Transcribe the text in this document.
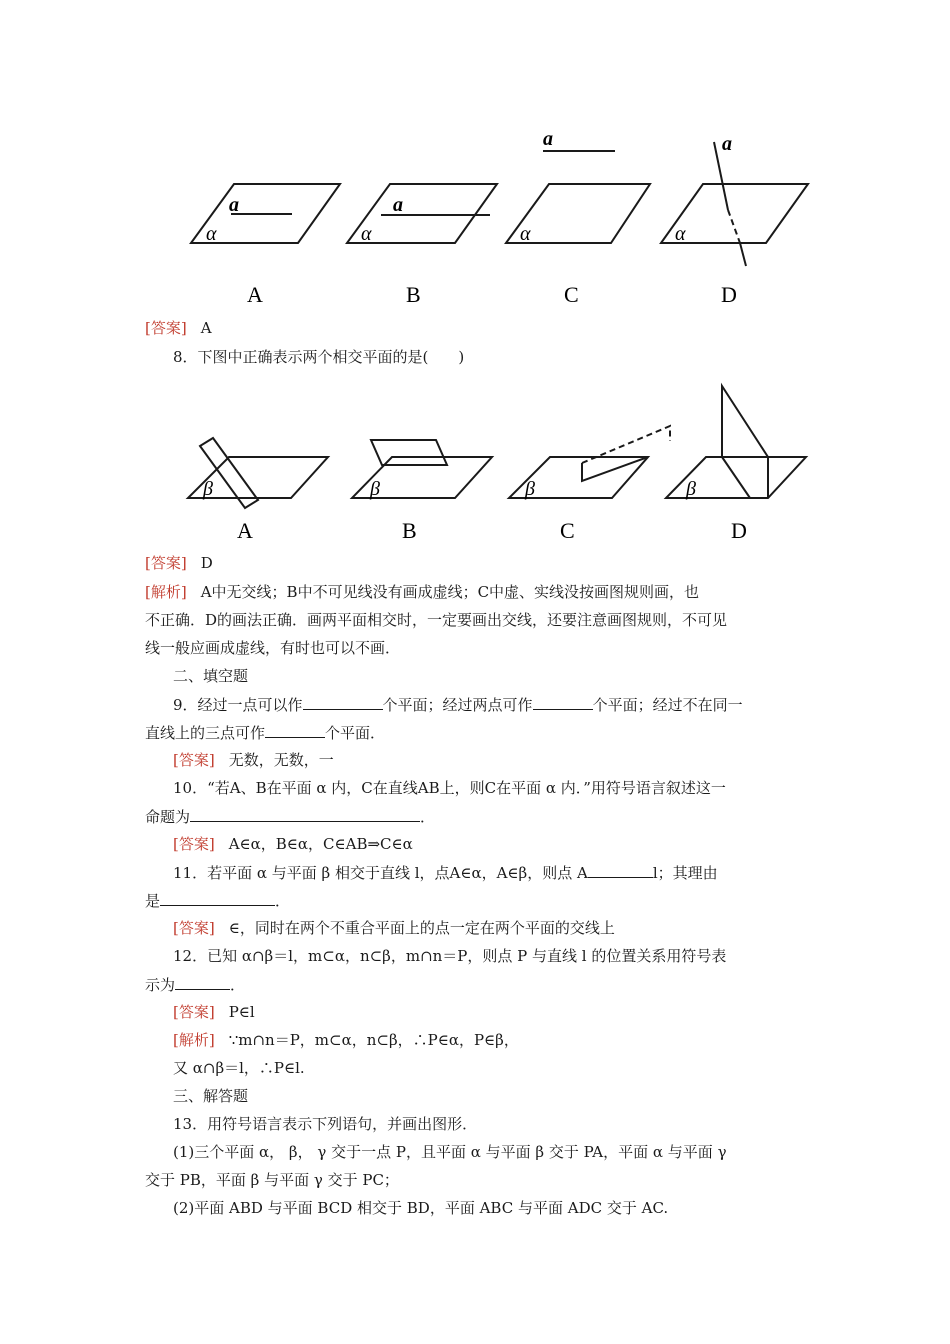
a
α
a
α
a
α
a
α
A	B	C	D
[答案] A
8．下图中正确表示两个相交平面的是(　　)
β	β	β	β
A	B	C	D
[答案] D
[解析] A中无交线；B中不可见线没有画成虚线；C中虚、实线没按画图规则画，也
不正确．D的画法正确．画两平面相交时，一定要画出交线，还要注意画图规则，不可见
线一般应画成虚线，有时也可以不画．
二、填空题
9．经过一点可以作	个平面；经过两点可作	个平面；经过不在同一
直线上的三点可作	个平面．
[答案] 无数，无数，一
10．“若A、B在平面 α 内，C在直线AB上，则C在平面 α 内．”用符号语言叙述这一
命题为	．
[答案] A∈α，B∈α，C∈AB⇒C∈α
11．若平面 α 与平面 β 相交于直线 l，点A∈α，A∈β，则点 A	l；其理由
是	．
[答案] ∈，同时在两个不重合平面上的点一定在两个平面的交线上
12．已知 α∩β＝l，m⊂α，n⊂β，m∩n＝P，则点 P 与直线 l 的位置关系用符号表
示为	．
[答案] P∈l
[解析] ∵m∩n＝P，m⊂α，n⊂β，∴P∈α，P∈β，
又 α∩β＝l，∴P∈l.
三、解答题
13．用符号语言表示下列语句，并画出图形．
(1)三个平面 α， β， γ 交于一点 P，且平面 α 与平面 β 交于 PA，平面 α 与平面 γ
交于 PB，平面 β 与平面 γ 交于 PC；
(2)平面 ABD 与平面 BCD 相交于 BD，平面 ABC 与平面 ADC 交于 AC.
